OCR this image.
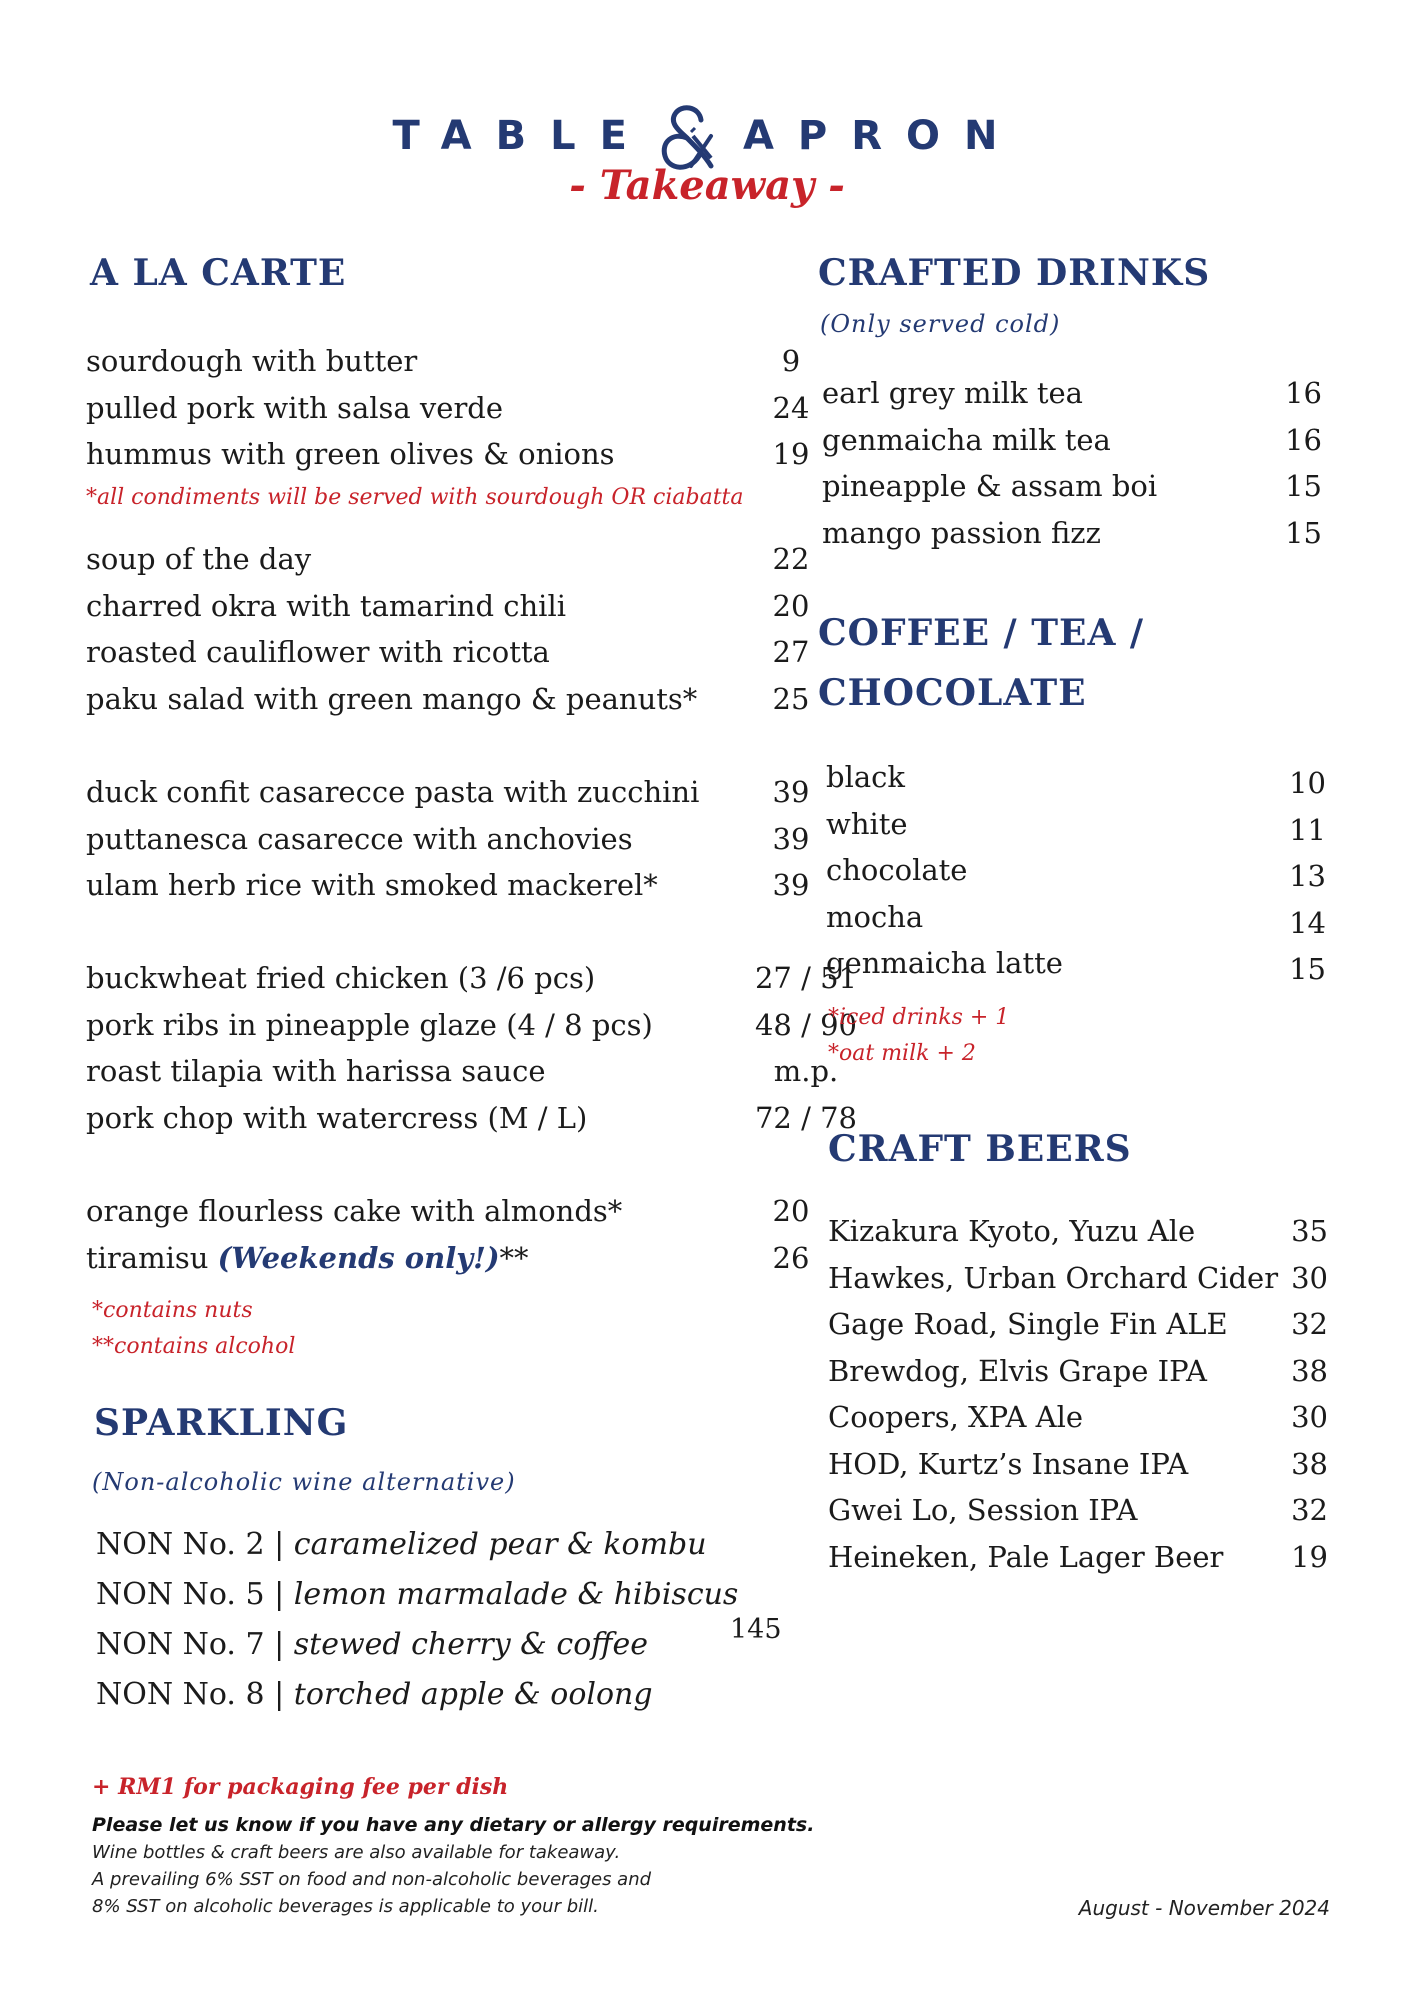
TABLE APRON
- Takeaway -
A LA CARTE
sourdough with butter	9
pulled pork with salsa verde	24
hummus with green olives & onions	19
*all condiments will be served with sourdough OR ciabatta
soup of the day	22
charred okra with tamarind chili	20
roasted cauliflower with ricotta	27
paku salad with green mango & peanuts*	25
duck confit casarecce pasta with zucchini	39
puttanesca casarecce with anchovies	39
ulam herb rice with smoked mackerel*	39
buckwheat fried chicken (3 /6 pcs)	27 / 51
pork ribs in pineapple glaze (4 / 8 pcs)	48 / 90
roast tilapia with harissa sauce	m.p.
pork chop with watercress (M / L)	72 / 78
orange flourless cake with almonds*	20
tiramisu (Weekends only!)**	26
*contains nuts
**contains alcohol
SPARKLING
(Non-alcoholic wine alternative)
NON No. 2 | caramelized pear & kombu
NON No. 5 | lemon marmalade & hibiscus
NON No. 7 | stewed cherry & coffee
NON No. 8 | torched apple & oolong
145
CRAFTED DRINKS
(Only served cold)
earl grey milk tea	16
genmaicha milk tea	16
pineapple & assam boi	15
mango passion fizz	15
COFFEE / TEA /
CHOCOLATE
black	10
white	11
chocolate	13
mocha	14
genmaicha latte	15
*iced drinks + 1
*oat milk + 2
CRAFT BEERS
Kizakura Kyoto, Yuzu Ale	35
Hawkes, Urban Orchard Cider 30
Gage Road, Single Fin ALE	32
Brewdog, Elvis Grape IPA	38
Coopers, XPA Ale	30
HOD, Kurtz’s Insane IPA	38
Gwei Lo, Session IPA	32
Heineken, Pale Lager Beer	19
+ RM1 for packaging fee per dish
Please let us know if you have any dietary or allergy requirements.
Wine bottles & craft beers are also available for takeaway.
A prevailing 6% SST on food and non-alcoholic beverages and
8% SST on alcoholic beverages is applicable to your bill.	August - November 2024
